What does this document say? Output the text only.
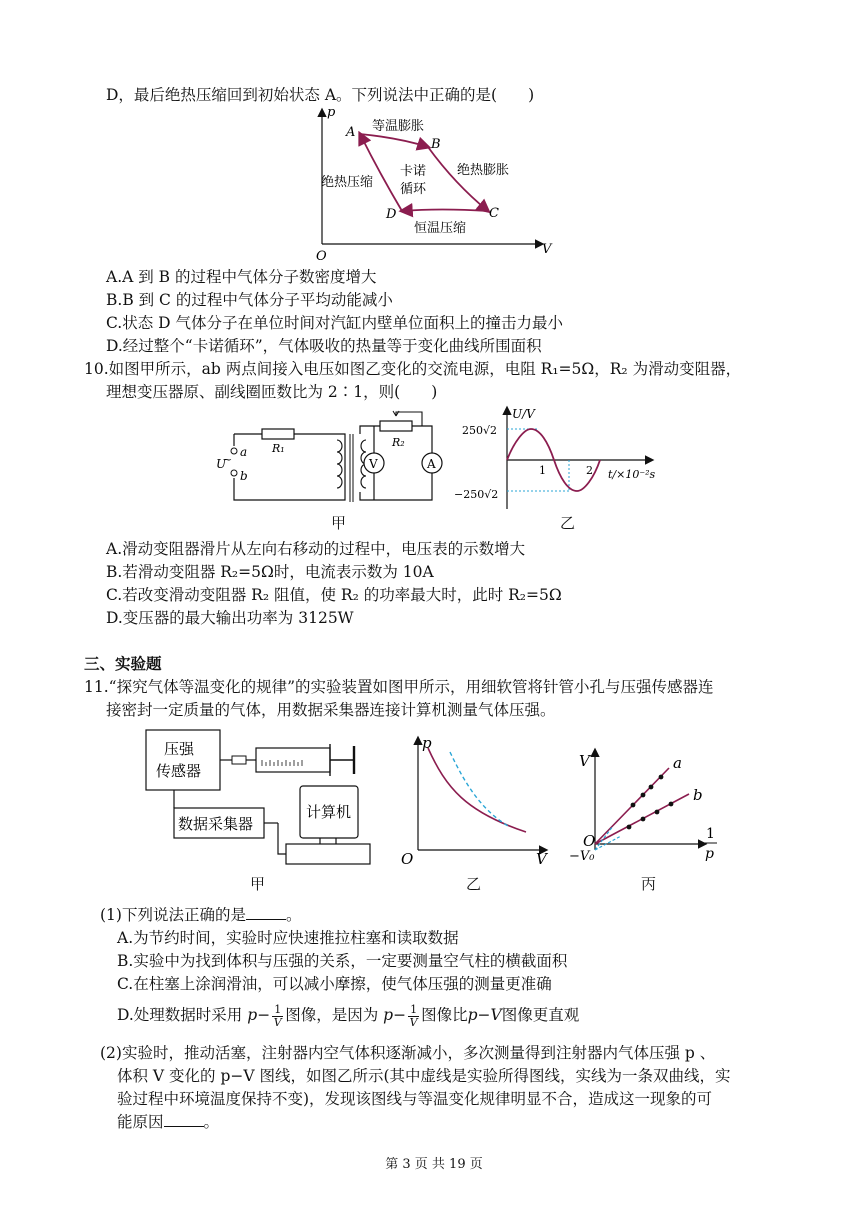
D，最后绝热压缩回到初始状态 A。下列说法中正确的是(　　)
p
V
O
A
B
C
D
等温膨胀
绝热膨胀
恒温压缩
绝热压缩
卡诺
循环
A.A 到 B 的过程中气体分子数密度增大
B.B 到 C 的过程中气体分子平均动能减小
C.状态 D 气体分子在单位时间对汽缸内壁单位面积上的撞击力最小
D.经过整个“卡诺循环”，气体吸收的热量等于变化曲线所围面积
10.如图甲所示，ab 两点间接入电压如图乙变化的交流电源，电阻 R₁=5Ω，R₂ 为滑动变阻器，
理想变压器原、副线圈匝数比为 2∶1，则(　　)
R₁
a
b
U
~
R₂
V	A
甲
U/V
t/×10⁻²s
250√2
−250√2
1	2
乙
A.滑动变阻器滑片从左向右移动的过程中，电压表的示数增大
B.若滑动变阻器 R₂=5Ω时，电流表示数为 10A
C.若改变滑动变阻器 R₂ 阻值，使 R₂ 的功率最大时，此时 R₂=5Ω
D.变压器的最大输出功率为 3125W
三、实验题
11.“探究气体等温变化的规律”的实验装置如图甲所示，用细软管将针管小孔与压强传感器连
接密封一定质量的气体，用数据采集器连接计算机测量气体压强。
压强
传感器
数据采集器
计算机
甲
p
V
O
乙
V
O
−V₀
1
p
a
b
丙
(1)下列说法正确的是	。
A.为节约时间，实验时应快速推拉柱塞和读取数据
B.实验中为找到体积与压强的关系，一定要测量空气柱的横截面积
C.在柱塞上涂润滑油，可以减小摩擦，使气体压强的测量更准确
D.处理数据时采用 $p- \frac{1}{V}$ 图像，是因为 $p- \frac{1}{V}$ 图像比p−V图像更直观
(2)实验时，推动活塞，注射器内空气体积逐渐减小，多次测量得到注射器内气体压强 p 、
体积 V 变化的 p−V 图线，如图乙所示(其中虚线是实验所得图线，实线为一条双曲线，实
验过程中环境温度保持不变)，发现该图线与等温变化规律明显不合，造成这一现象的可
能原因	。
第 3 页 共 19 页
